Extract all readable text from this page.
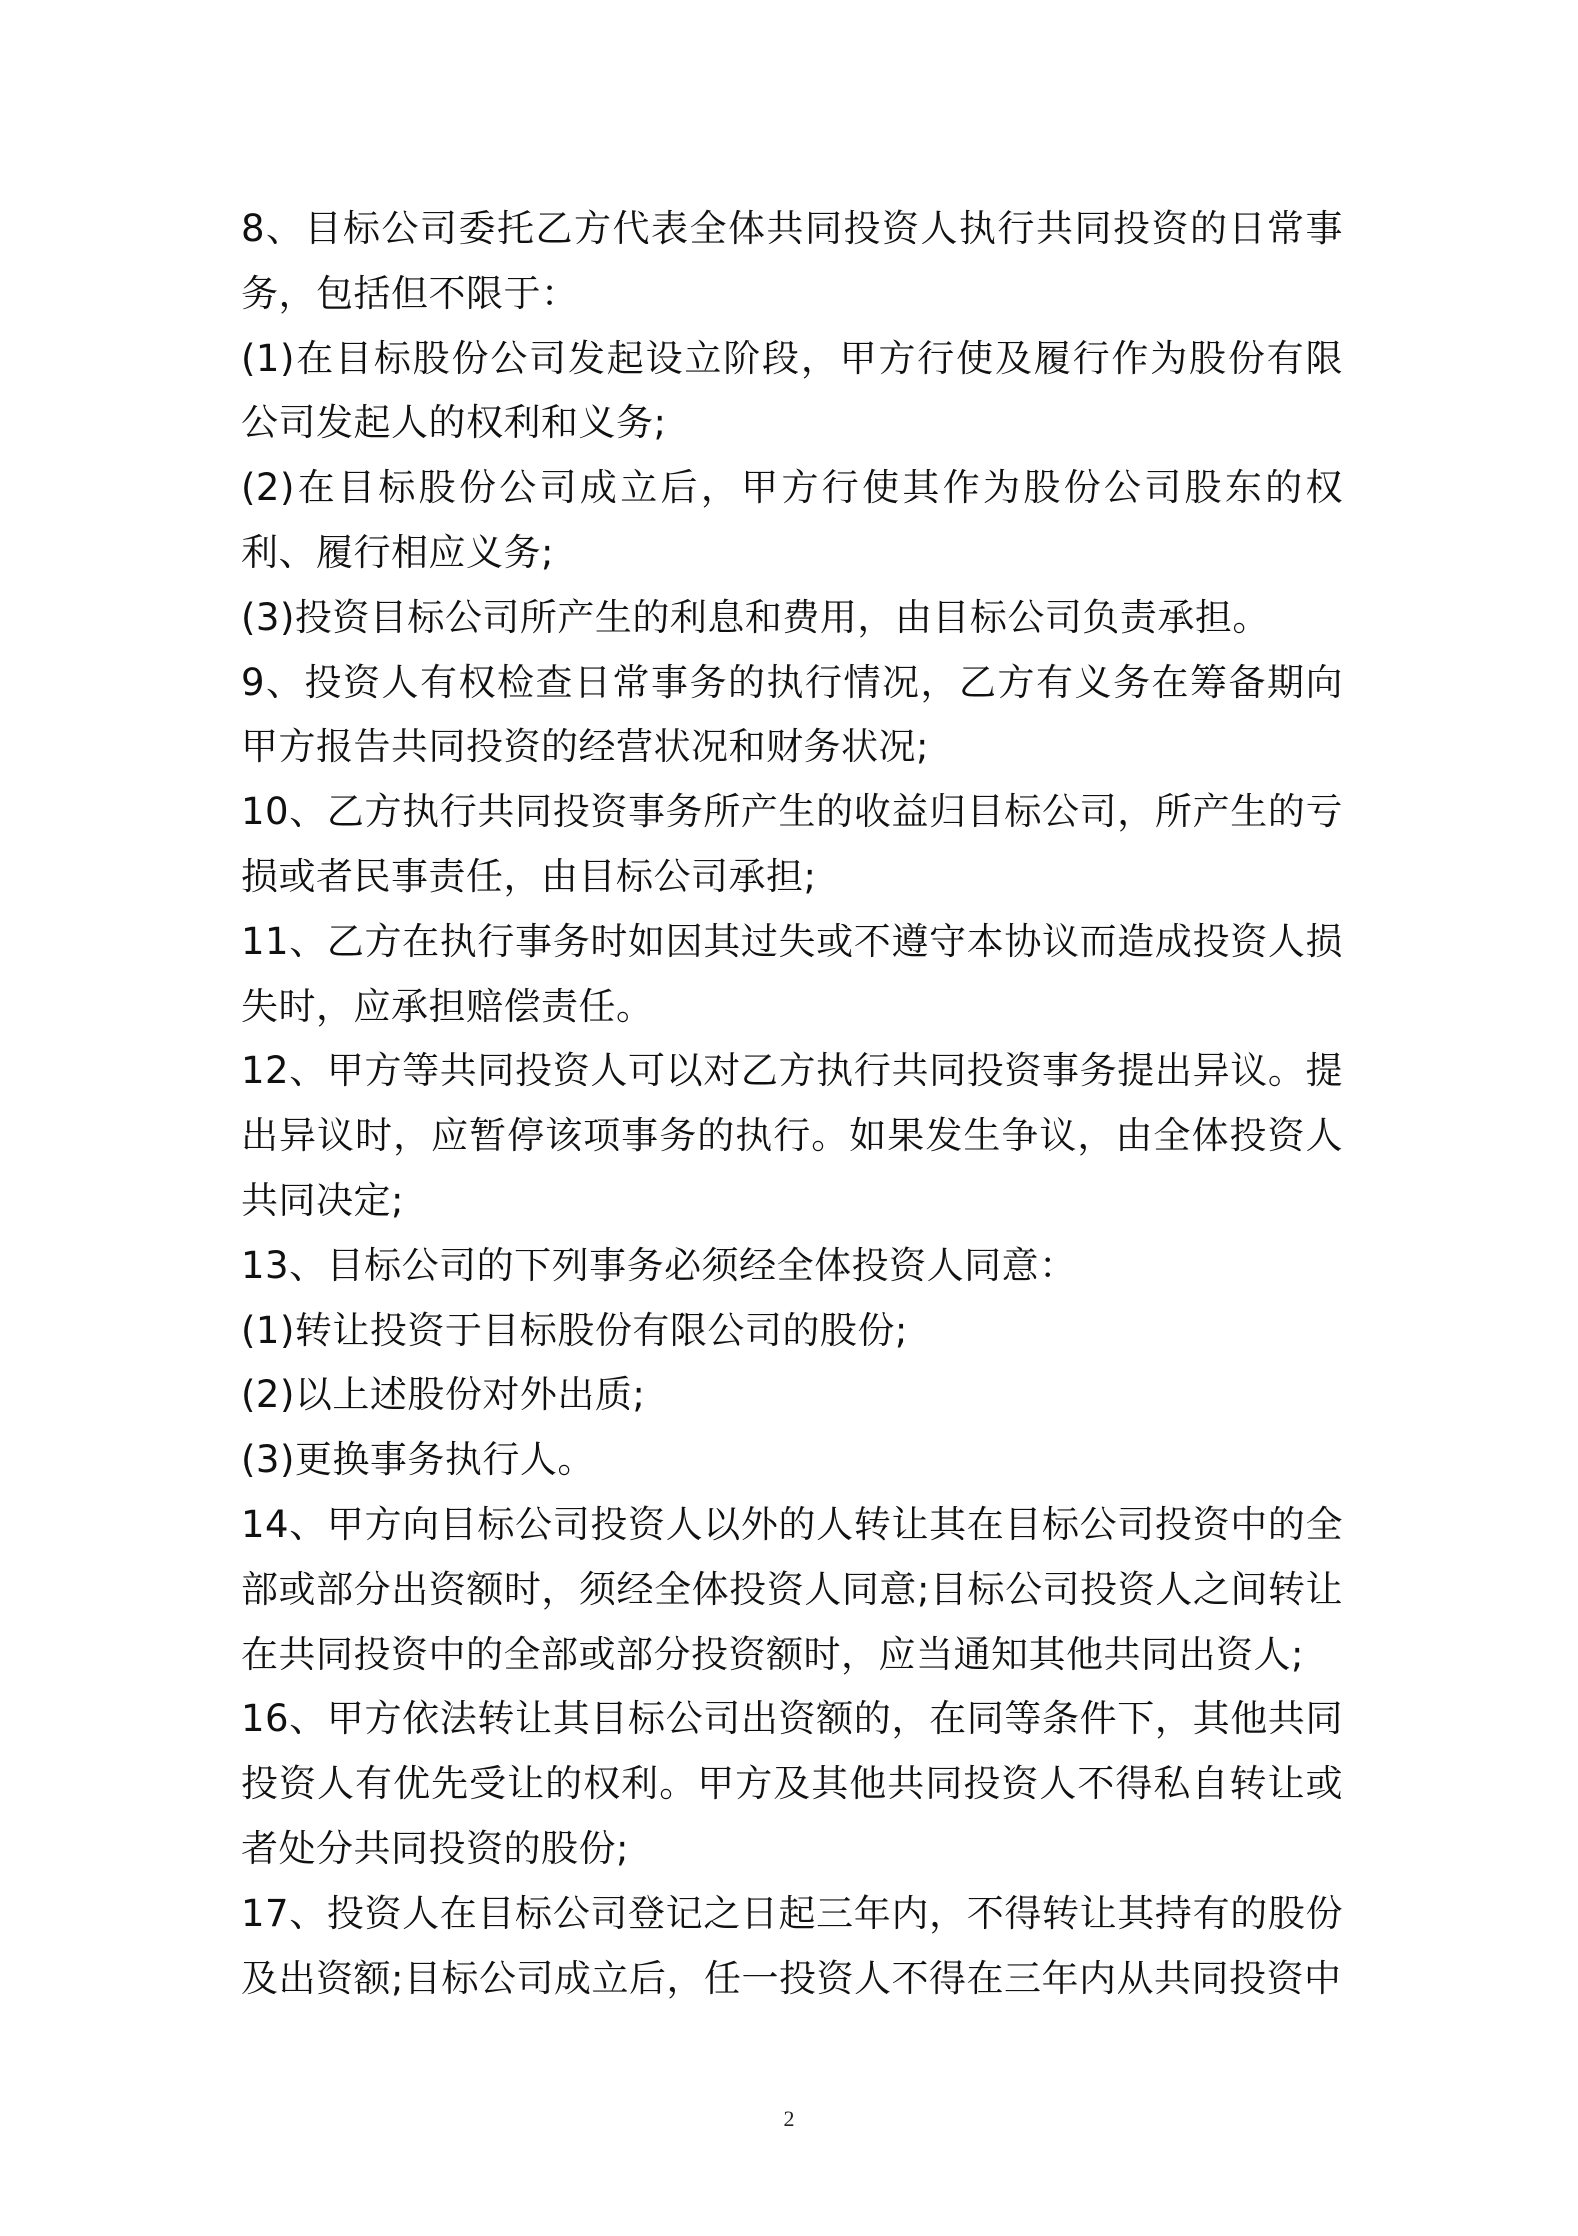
8、目标公司委托乙方代表全体共同投资人执行共同投资的日常事务，包括但不限于：

(1)在目标股份公司发起设立阶段，甲方行使及履行作为股份有限公司发起人的权利和义务;

(2)在目标股份公司成立后，甲方行使其作为股份公司股东的权利、履行相应义务;

(3)投资目标公司所产生的利息和费用，由目标公司负责承担。

9、投资人有权检查日常事务的执行情况，乙方有义务在筹备期向甲方报告共同投资的经营状况和财务状况;

10、乙方执行共同投资事务所产生的收益归目标公司，所产生的亏损或者民事责任，由目标公司承担;

11、乙方在执行事务时如因其过失或不遵守本协议而造成投资人损失时，应承担赔偿责任。

12、甲方等共同投资人可以对乙方执行共同投资事务提出异议。提出异议时，应暂停该项事务的执行。如果发生争议，由全体投资人共同决定;

13、目标公司的下列事务必须经全体投资人同意：

(1)转让投资于目标股份有限公司的股份;

(2)以上述股份对外出质;

(3)更换事务执行人。

14、甲方向目标公司投资人以外的人转让其在目标公司投资中的全部或部分出资额时，须经全体投资人同意;目标公司投资人之间转让在共同投资中的全部或部分投资额时，应当通知其他共同出资人;

16、甲方依法转让其目标公司出资额的，在同等条件下，其他共同投资人有优先受让的权利。甲方及其他共同投资人不得私自转让或者处分共同投资的股份;

17、投资人在目标公司登记之日起三年内，不得转让其持有的股份及出资额;目标公司成立后，任一投资人不得在三年内从共同投资中

2
